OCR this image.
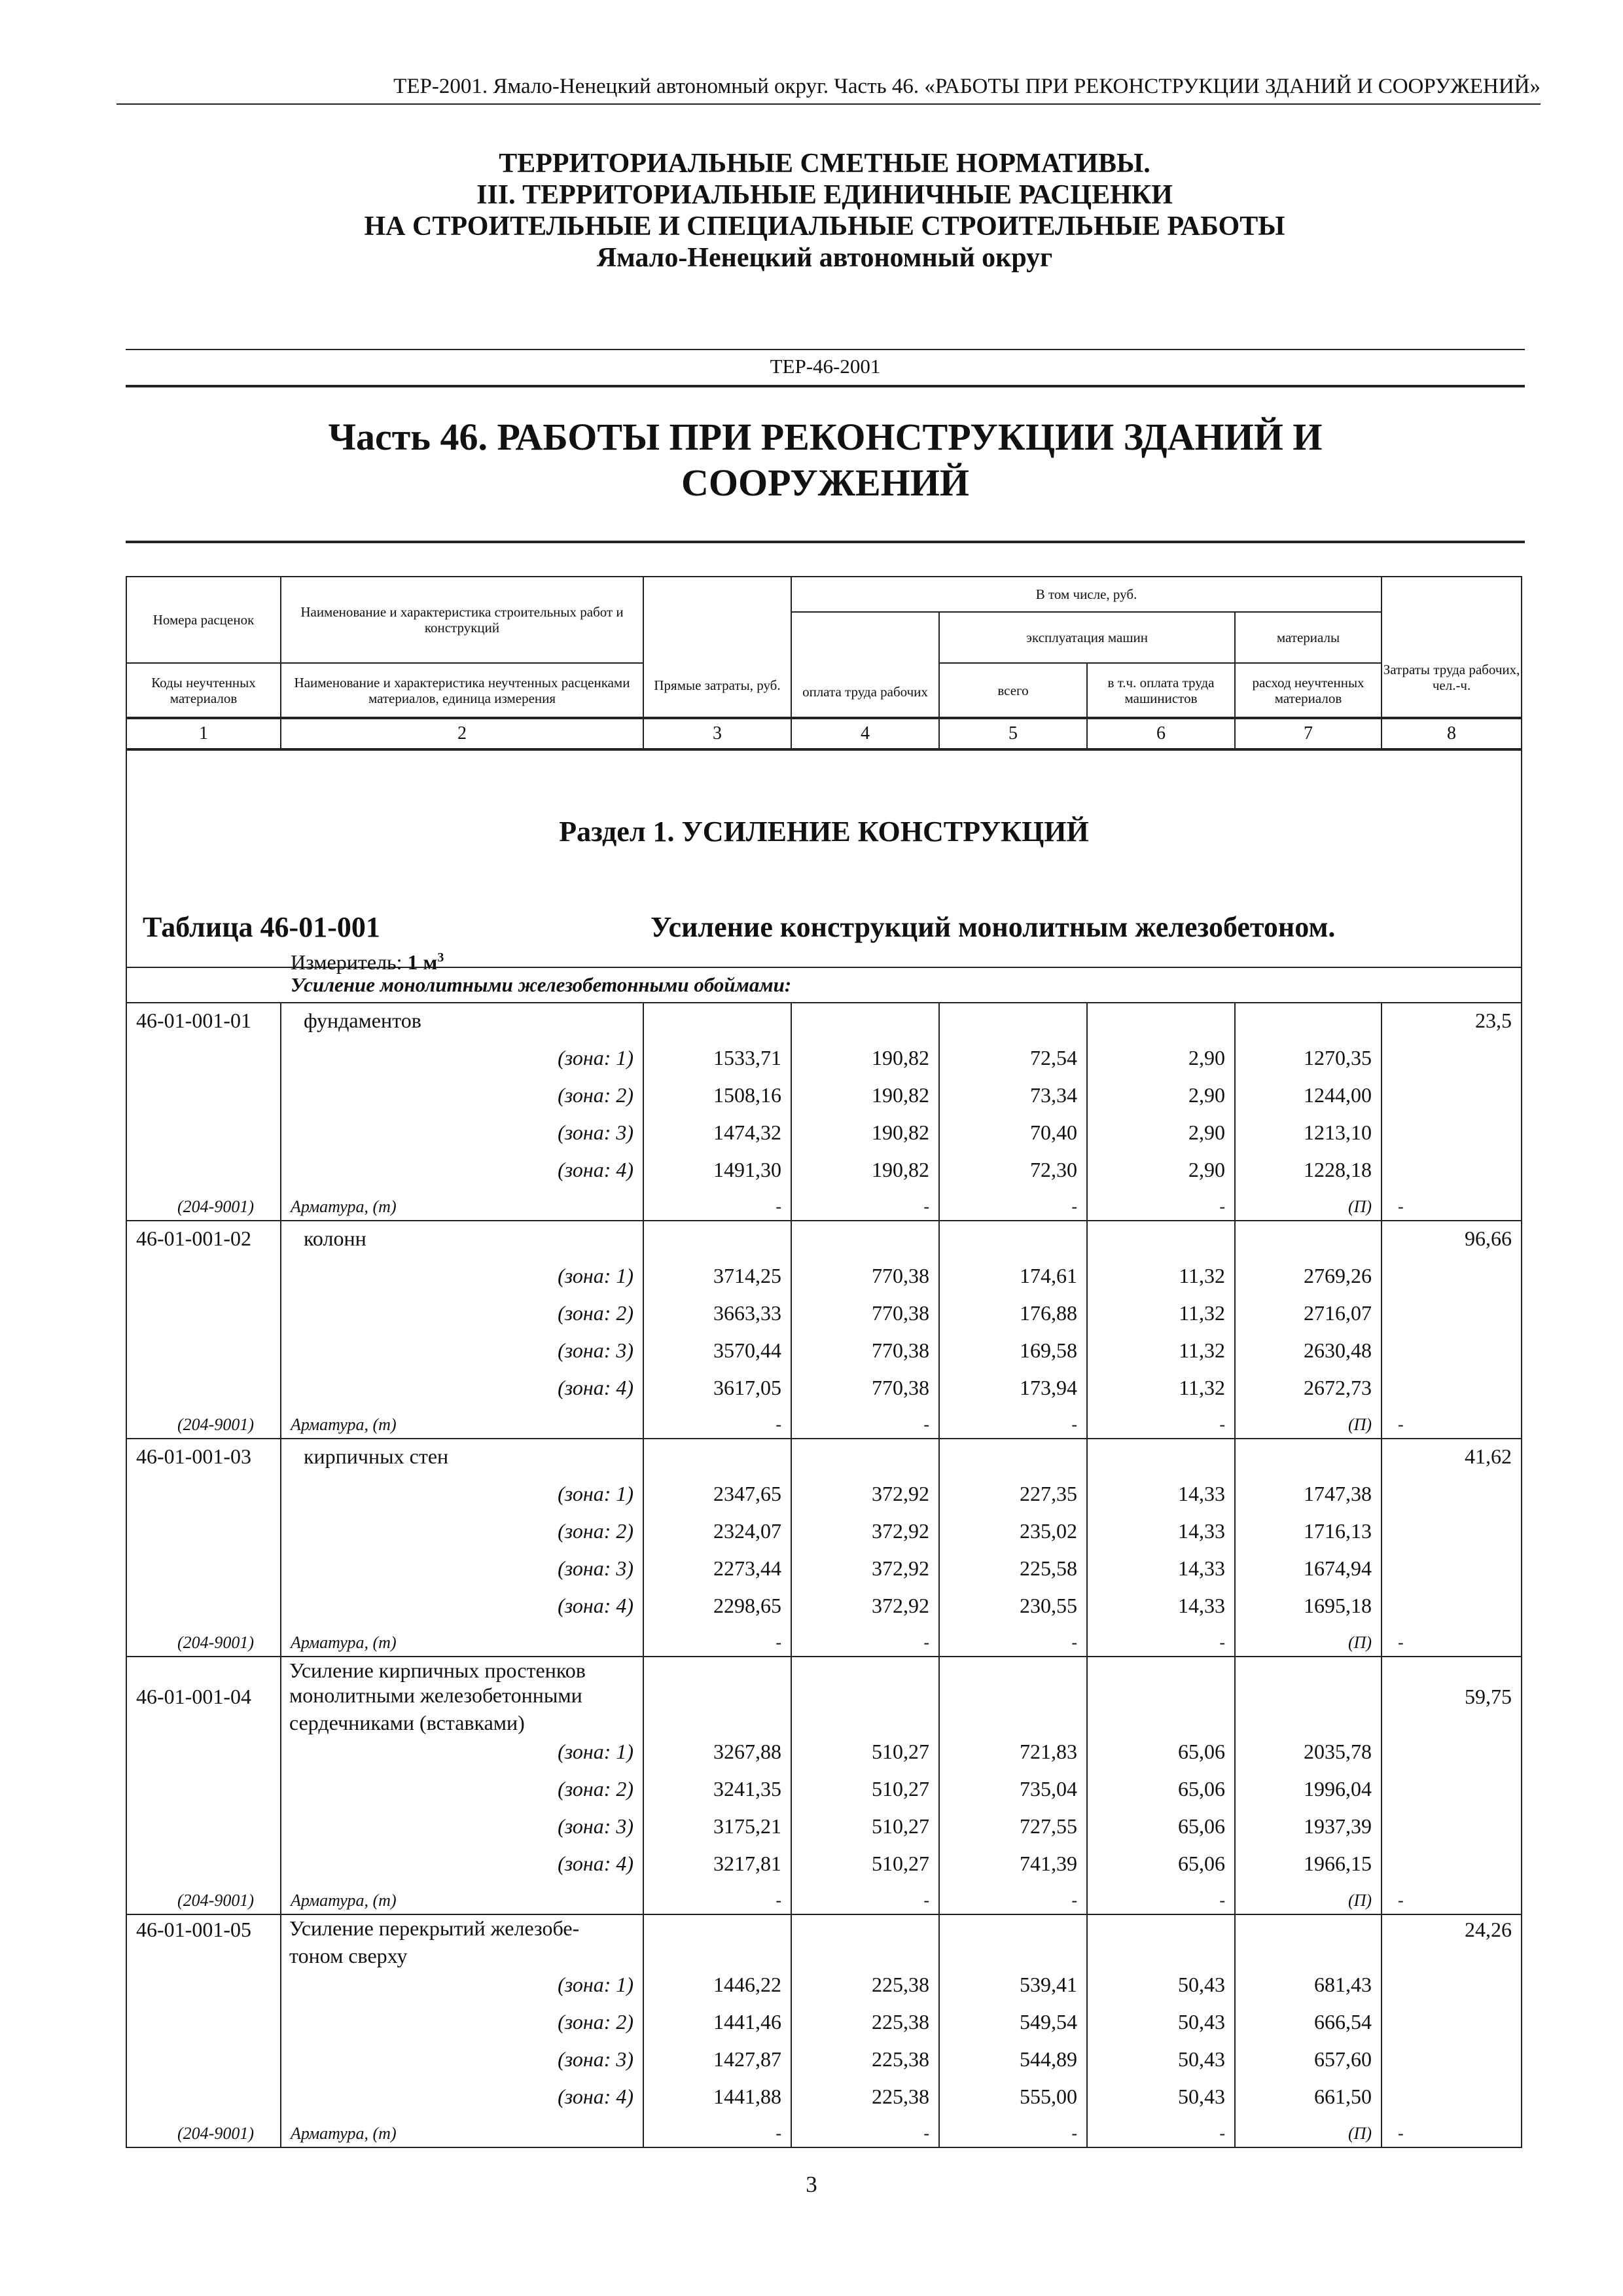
ТЕР-2001. Ямало-Ненецкий автономный округ. Часть 46. «РАБОТЫ ПРИ РЕКОНСТРУКЦИИ ЗДАНИЙ И СООРУЖЕНИЙ»
ТЕРРИТОРИАЛЬНЫЕ СМЕТНЫЕ НОРМАТИВЫ.
III. ТЕРРИТОРИАЛЬНЫЕ ЕДИНИЧНЫЕ РАСЦЕНКИ
НА СТРОИТЕЛЬНЫЕ И СПЕЦИАЛЬНЫЕ СТРОИТЕЛЬНЫЕ РАБОТЫ
Ямало-Ненецкий автономный округ
ТЕР-46-2001
Часть 46. РАБОТЫ ПРИ РЕКОНСТРУКЦИИ ЗДАНИЙ И
СООРУЖЕНИЙ
Номера расценок	Наименование и характеристика строительных работ и конструкций	Прямые затраты, руб.	В том числе, руб.				Затраты труда рабочих, чел.-ч.
			оплата труда рабочих	эксплуатация машин		материалы	
Коды неучтенных материалов	Наименование и характеристика неучтенных расценками материалов, единица измерения			всего	в т.ч. оплата труда машинистов	расход неучтенных материалов	
1	2	3	4	5	6	7	8

Раздел 1. УСИЛЕНИЕ КОНСТРУКЦИЙ
Таблица 46-01-001 Усиление конструкций монолитным железобетоном.
Измеритель: 1 $м^3$

Усиление монолитными железобетонными обоймами:							
46-01-001-01	фундаментов						23,5
	(зона: 1)	1533,71	190,82	72,54	2,90	1270,35	
	(зона: 2)	1508,16	190,82	73,34	2,90	1244,00	
	(зона: 3)	1474,32	190,82	70,40	2,90	1213,10	
	(зона: 4)	1491,30	190,82	72,30	2,90	1228,18	
(204-9001)	Арматура, (т)	-	-	-	-	(П)	-
46-01-001-02	колонн						96,66
	(зона: 1)	3714,25	770,38	174,61	11,32	2769,26	
	(зона: 2)	3663,33	770,38	176,88	11,32	2716,07	
	(зона: 3)	3570,44	770,38	169,58	11,32	2630,48	
	(зона: 4)	3617,05	770,38	173,94	11,32	2672,73	
(204-9001)	Арматура, (т)	-	-	-	-	(П)	-
46-01-001-03	кирпичных стен						41,62
	(зона: 1)	2347,65	372,92	227,35	14,33	1747,38	
	(зона: 2)	2324,07	372,92	235,02	14,33	1716,13	
	(зона: 3)	2273,44	372,92	225,58	14,33	1674,94	
	(зона: 4)	2298,65	372,92	230,55	14,33	1695,18	
(204-9001)	Арматура, (т)	-	-	-	-	(П)	-
	Усиление кирпичных простенков						
46-01-001-04	монолитными железобетонными						59,75
	сердечниками (вставками)						
	(зона: 1)	3267,88	510,27	721,83	65,06	2035,78	
	(зона: 2)	3241,35	510,27	735,04	65,06	1996,04	
	(зона: 3)	3175,21	510,27	727,55	65,06	1937,39	
	(зона: 4)	3217,81	510,27	741,39	65,06	1966,15	
(204-9001)	Арматура, (т)	-	-	-	-	(П)	-
46-01-001-05	Усиление перекрытий железобе-						24,26
	тоном сверху						
	(зона: 1)	1446,22	225,38	539,41	50,43	681,43	
	(зона: 2)	1441,46	225,38	549,54	50,43	666,54	
	(зона: 3)	1427,87	225,38	544,89	50,43	657,60	
	(зона: 4)	1441,88	225,38	555,00	50,43	661,50	
(204-9001)	Арматура, (т)	-	-	-	-	(П)	-
3
